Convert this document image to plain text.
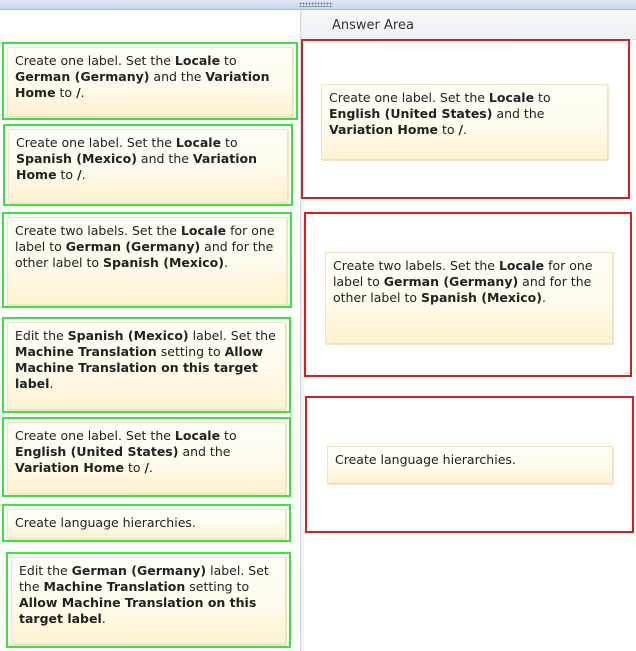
Answer Area
Create one label. Set the Locale to German (Germany) and the Variation Home to /.
Create one label. Set the Locale to Spanish (Mexico) and the Variation Home to /.
Create two labels. Set the Locale for one label to German (Germany) and for the other label to Spanish (Mexico).
Edit the Spanish (Mexico) label. Set the Machine Translation setting to Allow Machine Translation on this target label.
Create one label. Set the Locale to English (United States) and the Variation Home to /.
Create language hierarchies.
Edit the German (Germany) label. Set the Machine Translation setting to Allow Machine Translation on this target label.
Create one label. Set the Locale to English (United States) and the Variation Home to /.
Create two labels. Set the Locale for one label to German (Germany) and for the other label to Spanish (Mexico).
Create language hierarchies.
